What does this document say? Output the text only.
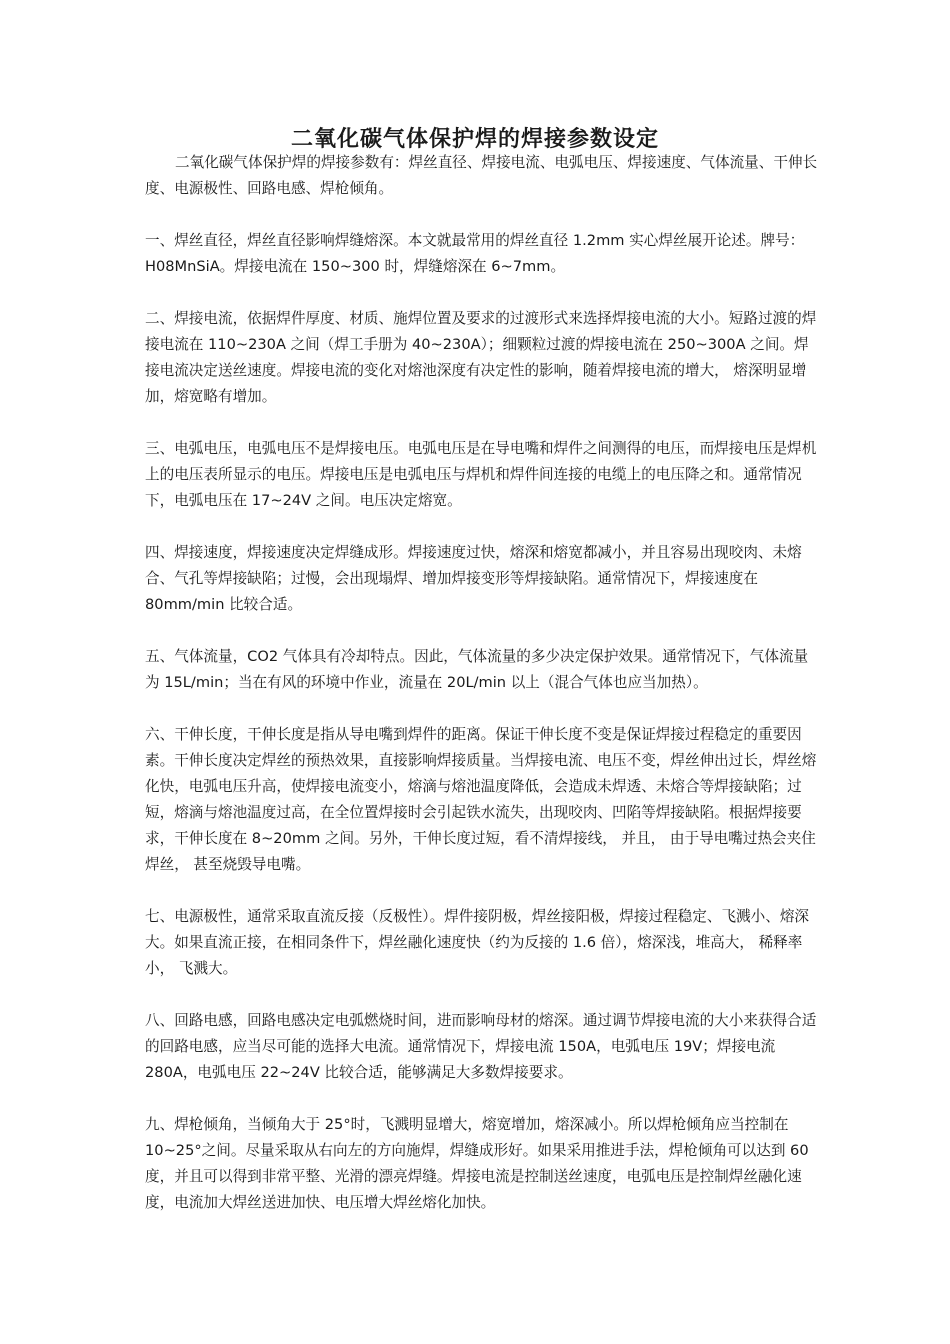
二氧化碳气体保护焊的焊接参数设定

二氧化碳气体保护焊的焊接参数有：焊丝直径、焊接电流、电弧电压、焊接速度、气体流量、干伸长度、电源极性、回路电感、焊枪倾角。

一、焊丝直径，焊丝直径影响焊缝熔深。本文就最常用的焊丝直径 1.2mm 实心焊丝展开论述。牌号：H08MnSiA。焊接电流在 150~300 时，焊缝熔深在 6~7mm。

二、焊接电流，依据焊件厚度、材质、施焊位置及要求的过渡形式来选择焊接电流的大小。短路过渡的焊接电流在 110~230A 之间（焊工手册为 40~230A）；细颗粒过渡的焊接电流在 250~300A 之间。焊接电流决定送丝速度。焊接电流的变化对熔池深度有决定性的影响，随着焊接电流的增大， 熔深明显增加，熔宽略有增加。

三、电弧电压，电弧电压不是焊接电压。电弧电压是在导电嘴和焊件之间测得的电压，而焊接电压是焊机上的电压表所显示的电压。焊接电压是电弧电压与焊机和焊件间连接的电缆上的电压降之和。通常情况下，电弧电压在 17~24V 之间。电压决定熔宽。

四、焊接速度，焊接速度决定焊缝成形。焊接速度过快，熔深和熔宽都减小，并且容易出现咬肉、未熔合、气孔等焊接缺陷；过慢，会出现塌焊、增加焊接变形等焊接缺陷。通常情况下，焊接速度在 80mm/min 比较合适。

五、气体流量，CO2 气体具有冷却特点。因此，气体流量的多少决定保护效果。通常情况下，气体流量为 15L/min；当在有风的环境中作业，流量在 20L/min 以上（混合气体也应当加热）。

六、干伸长度，干伸长度是指从导电嘴到焊件的距离。保证干伸长度不变是保证焊接过程稳定的重要因素。干伸长度决定焊丝的预热效果，直接影响焊接质量。当焊接电流、电压不变，焊丝伸出过长，焊丝熔化快，电弧电压升高，使焊接电流变小，熔滴与熔池温度降低，会造成未焊透、未熔合等焊接缺陷；过短，熔滴与熔池温度过高，在全位置焊接时会引起铁水流失，出现咬肉、凹陷等焊接缺陷。根据焊接要求，干伸长度在 8~20mm 之间。另外，干伸长度过短，看不清焊接线， 并且， 由于导电嘴过热会夹住焊丝， 甚至烧毁导电嘴。

七、电源极性，通常采取直流反接（反极性）。焊件接阴极，焊丝接阳极，焊接过程稳定、飞溅小、熔深大。如果直流正接，在相同条件下，焊丝融化速度快（约为反接的 1.6 倍），熔深浅，堆高大， 稀释率小， 飞溅大。

八、回路电感，回路电感决定电弧燃烧时间，进而影响母材的熔深。通过调节焊接电流的大小来获得合适的回路电感，应当尽可能的选择大电流。通常情况下，焊接电流 150A，电弧电压 19V；焊接电流 280A，电弧电压 22~24V 比较合适，能够满足大多数焊接要求。

九、焊枪倾角，当倾角大于 25°时，飞溅明显增大，熔宽增加，熔深减小。所以焊枪倾角应当控制在 10~25°之间。尽量采取从右向左的方向施焊，焊缝成形好。如果采用推进手法，焊枪倾角可以达到 60 度，并且可以得到非常平整、光滑的漂亮焊缝。焊接电流是控制送丝速度，电弧电压是控制焊丝融化速度，电流加大焊丝送进加快、电压增大焊丝熔化加快。
